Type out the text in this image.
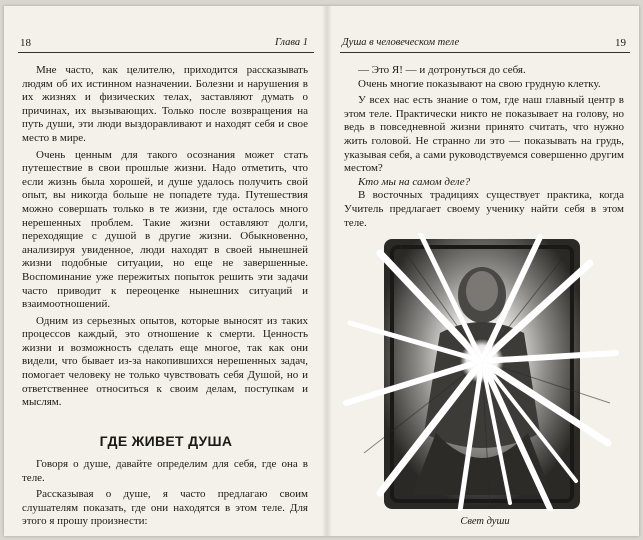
18	Глава 1

Мне часто, как целителю, приходится рассказывать людям об их истинном назначении. Болезни и нарушения в их жизнях и физических телах, заставляют думать о причинах, их вызывающих. Только после возвращения на путь души, эти люди выздоравливают и находят себя и свое место в мире.

Очень ценным для такого осознания может стать путешествие в свои прошлые жизни. Надо отметить, что если жизнь была хорошей, и душе удалось получить свой опыт, вы никогда больше не попадете туда. Путешествия можно совершать только в те жизни, где осталось много нерешенных проблем. Такие жизни оставляют долги, переходящие с душой в другие жизни. Обыкновенно, анализируя увиденное, люди находят в своей нынешней жизни подобные ситуации, но еще не завершенные. Воспоминание уже пережитых попыток решить эти задачи часто приводит к переоценке нынешних ситуаций и взаимоотношений.

Одним из серьезных опытов, которые выносят из таких процессов каждый, это отношение к смерти. Ценность жизни и возможность сделать еще многое, так как они видели, что бывает из-за накопившихся нерешенных задач, помогает человеку не только чувствовать себя Душой, но и ответственнее относиться к своим делам, поступкам и мыслям.

ГДЕ ЖИВЕТ ДУША

Говоря о душе, давайте определим для себя, где она в теле.

Рассказывая о душе, я часто предлагаю своим слушателям показать, где они находятся в этом теле. Для этого я прошу произнести:

Душа в человеческом теле	19

— Это Я! — и дотронуться до себя.

Очень многие показывают на свою грудную клетку.

У всех нас есть знание о том, где наш главный центр в этом теле. Практически никто не показывает на голову, но ведь в повседневной жизни принято считать, что нужно жить головой. Не странно ли это — показывать на грудь, указывая себя, а сами руководствуемся совершенно другим местом?

Кто мы на самом деле?

В восточных традициях существует практика, когда Учитель предлагает своему ученику найти себя в этом теле.

Свет души
